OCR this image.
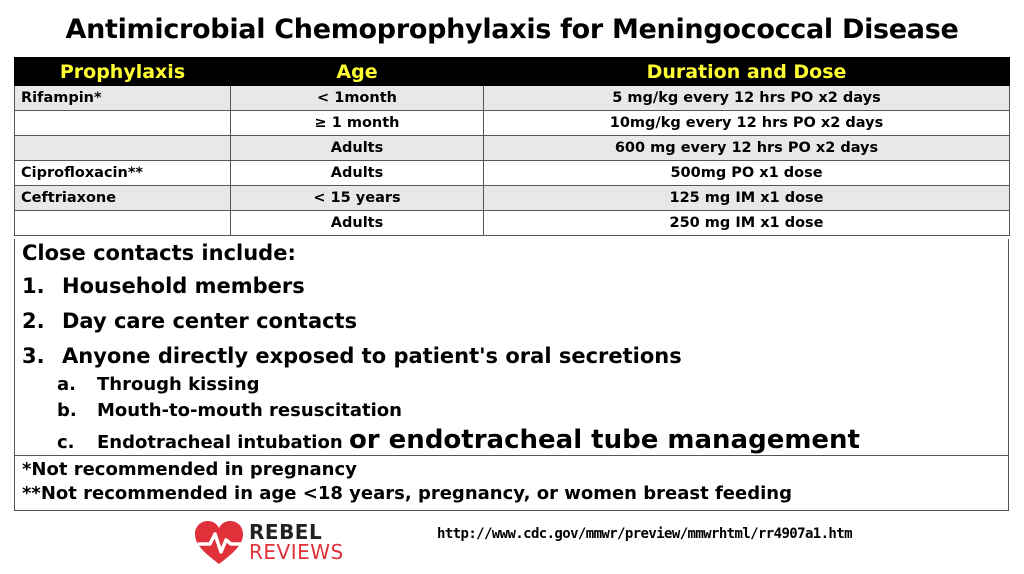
Antimicrobial Chemoprophylaxis for Meningococcal Disease
Prophylaxis	Age	Duration and Dose
Rifampin*	< 1month	5 mg/kg every 12 hrs PO x2 days
	≥ 1 month	10mg/kg every 12 hrs PO x2 days
	Adults	600 mg every 12 hrs PO x2 days
Ciprofloxacin**	Adults	500mg PO x1 dose
Ceftriaxone	< 15 years	125 mg IM x1 dose
	Adults	250 mg IM x1 dose
Close contacts include:
1. Household members
2. Day care center contacts
3. Anyone directly exposed to patient's oral secretions
a. Through kissing
b. Mouth-to-mouth resuscitation
c. Endotracheal intubation or endotracheal tube management
*Not recommended in pregnancy
**Not recommended in age <18 years, pregnancy, or women breast feeding
REBEL
REVIEWS
http://www.cdc.gov/mmwr/preview/mmwrhtml/rr4907a1.htm
